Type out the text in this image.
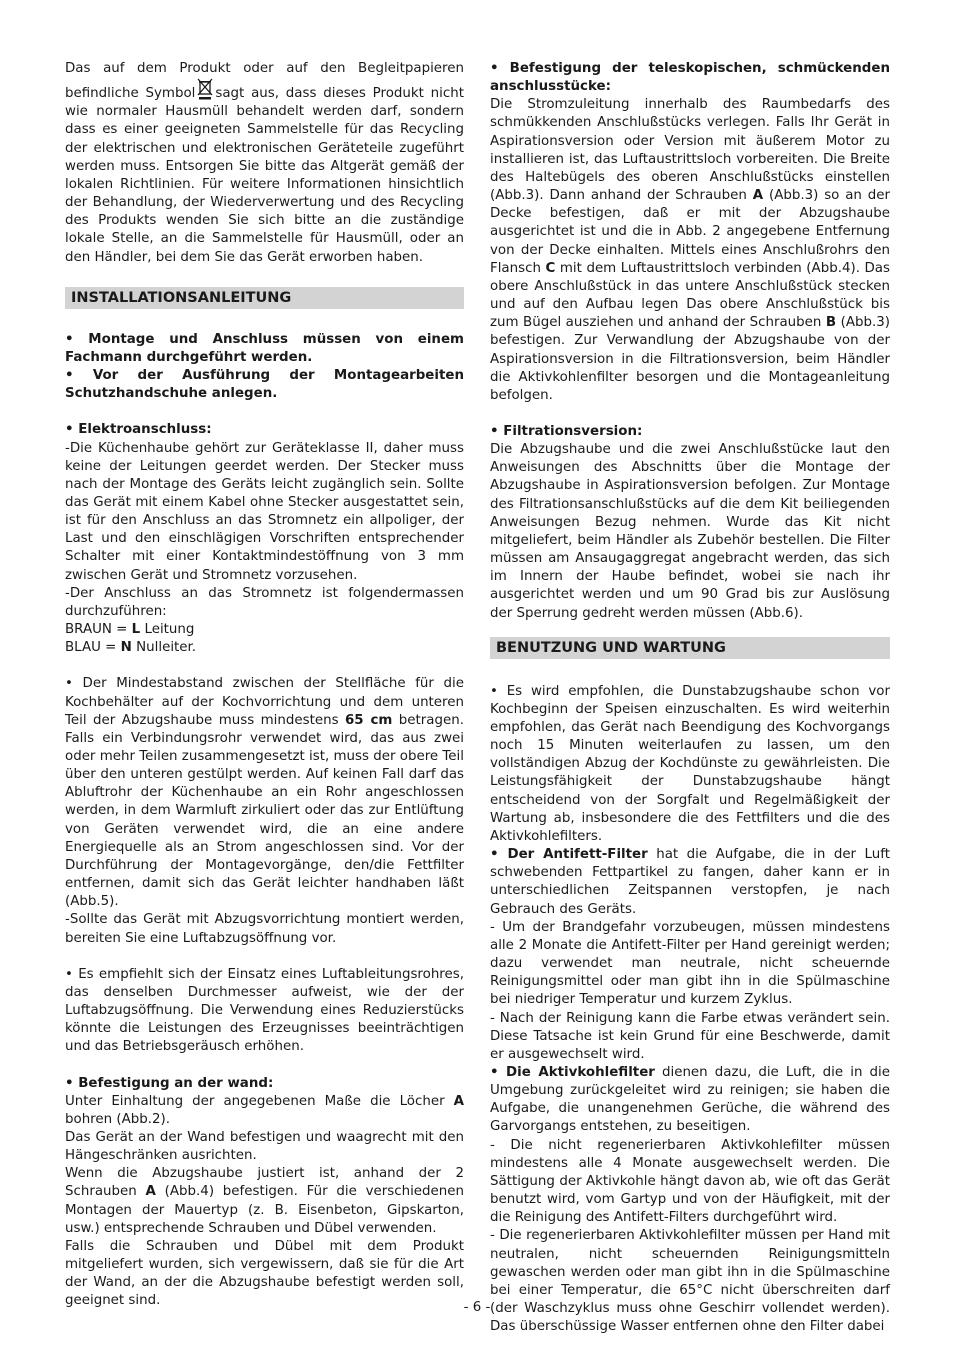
Das auf dem Produkt oder auf den Begleitpapieren befindliche Symbol sagt aus, dass dieses Produkt nicht wie normaler Hausmüll behandelt werden darf, sondern dass es einer geeigneten Sammelstelle für das Recycling der elektrischen und elektronischen Geräteteile zugeführt werden muss. Entsorgen Sie bitte das Altgerät gemäß der lokalen Richtlinien. Für weitere Informationen hinsichtlich der Behandlung, der Wiederverwertung und des Recycling des Produkts wenden Sie sich bitte an die zuständige lokale Stelle, an die Sammelstelle für Hausmüll, oder an den Händler, bei dem Sie das Gerät erworben haben.

INSTALLATIONSANLEITUNG

• Montage und Anschluss müssen von einem Fachmann durchgeführt werden.

• Vor der Ausführung der Montagearbeiten Schutzhandschuhe anlegen.

• Elektroanschluss:

-Die Küchenhaube gehört zur Geräteklasse II, daher muss keine der Leitungen geerdet werden. Der Stecker muss nach der Montage des Geräts leicht zugänglich sein. Sollte das Gerät mit einem Kabel ohne Stecker ausgestattet sein, ist für den Anschluss an das Stromnetz ein allpoliger, der Last und den einschlägigen Vorschriften entsprechender Schalter mit einer Kontaktmindestöffnung von 3 mm zwischen Gerät und Stromnetz vorzusehen.

-Der Anschluss an das Stromnetz ist folgendermassen durchzuführen:

BRAUN = L Leitung

BLAU = N Nulleiter.

• Der Mindestabstand zwischen der Stellfläche für die Kochbehälter auf der Kochvorrichtung und dem unteren Teil der Abzugshaube muss mindestens 65 cm betragen. Falls ein Verbindungsrohr verwendet wird, das aus zwei oder mehr Teilen zusammengesetzt ist, muss der obere Teil über den unteren gestülpt werden. Auf keinen Fall darf das Abluftrohr der Küchenhaube an ein Rohr angeschlossen werden, in dem Warmluft zirkuliert oder das zur Entlüftung von Geräten verwendet wird, die an eine andere Energiequelle als an Strom angeschlossen sind. Vor der Durchführung der Montagevorgänge, den/die Fettfilter entfernen, damit sich das Gerät leichter handhaben läßt (Abb.5).

-Sollte das Gerät mit Abzugsvorrichtung montiert werden, bereiten Sie eine Luftabzugsöffnung vor.

• Es empfiehlt sich der Einsatz eines Luftableitungsrohres, das denselben Durchmesser aufweist, wie der der Luftabzugsöffnung. Die Verwendung eines Reduzierstücks könnte die Leistungen des Erzeugnisses beeinträchtigen und das Betriebsgeräusch erhöhen.

• Befestigung an der wand:

Unter Einhaltung der angegebenen Maße die Löcher A bohren (Abb.2).

Das Gerät an der Wand befestigen und waagrecht mit den Hängeschränken ausrichten.

Wenn die Abzugshaube justiert ist, anhand der 2 Schrauben A (Abb.4) befestigen. Für die verschiedenen Montagen der Mauertyp (z. B. Eisenbeton, Gipskarton, usw.) entsprechende Schrauben und Dübel verwenden.

Falls die Schrauben und Dübel mit dem Produkt mitgeliefert wurden, sich vergewissern, daß sie für die Art der Wand, an der die Abzugshaube befestigt werden soll, geeignet sind.

• Befestigung der teleskopischen, schmückenden anschlusstücke:

Die Stromzuleitung innerhalb des Raumbedarfs des schmükkenden Anschlußstücks verlegen. Falls Ihr Gerät in Aspirationsversion oder Version mit äußerem Motor zu installieren ist, das Luftaustrittsloch vorbereiten. Die Breite des Haltebügels des oberen Anschlußstücks einstellen (Abb.3). Dann anhand der Schrauben A (Abb.3) so an der Decke befestigen, daß er mit der Abzugshaube ausgerichtet ist und die in Abb. 2 angegebene Entfernung von der Decke einhalten. Mittels eines Anschlußrohrs den Flansch C mit dem Luftaustrittsloch verbinden (Abb.4). Das obere Anschlußstück in das untere Anschlußstück stecken und auf den Aufbau legen Das obere Anschlußstück bis zum Bügel ausziehen und anhand der Schrauben B (Abb.3) befestigen. Zur Verwandlung der Abzugshaube von der Aspirationsversion in die Filtrationsversion, beim Händler die Aktivkohlenfilter besorgen und die Montageanleitung befolgen.

• Filtrationsversion:

Die Abzugshaube und die zwei Anschlußstücke laut den Anweisungen des Abschnitts über die Montage der Abzugshaube in Aspirationsversion befolgen. Zur Montage des Filtrationsanschlußstücks auf die dem Kit beiliegenden Anweisungen Bezug nehmen. Wurde das Kit nicht mitgeliefert, beim Händler als Zubehör bestellen. Die Filter müssen am Ansaugaggregat angebracht werden, das sich im Innern der Haube befindet, wobei sie nach ihr ausgerichtet werden und um 90 Grad bis zur Auslösung der Sperrung gedreht werden müssen (Abb.6).

BENUTZUNG UND WARTUNG

• Es wird empfohlen, die Dunstabzugshaube schon vor Kochbeginn der Speisen einzuschalten. Es wird weiterhin empfohlen, das Gerät nach Beendigung des Kochvorgangs noch 15 Minuten weiterlaufen zu lassen, um den vollständigen Abzug der Kochdünste zu gewährleisten. Die Leistungsfähigkeit der Dunstabzugshaube hängt entscheidend von der Sorgfalt und Regelmäßigkeit der Wartung ab, insbesondere die des Fettfilters und die des Aktivkohlefilters.

• Der Antifett-Filter hat die Aufgabe, die in der Luft schwebenden Fettpartikel zu fangen, daher kann er in unterschiedlichen Zeitspannen verstopfen, je nach Gebrauch des Geräts.

- Um der Brandgefahr vorzubeugen, müssen mindestens alle 2 Monate die Antifett-Filter per Hand gereinigt werden; dazu verwendet man neutrale, nicht scheuernde Reinigungsmittel oder man gibt ihn in die Spülmaschine bei niedriger Temperatur und kurzem Zyklus.

- Nach der Reinigung kann die Farbe etwas verändert sein. Diese Tatsache ist kein Grund für eine Beschwerde, damit er ausgewechselt wird.

• Die Aktivkohlefilter dienen dazu, die Luft, die in die Umgebung zurückgeleitet wird zu reinigen; sie haben die Aufgabe, die unangenehmen Gerüche, die während des Garvorgangs entstehen, zu beseitigen.

- Die nicht regenerierbaren Aktivkohlefilter müssen mindestens alle 4 Monate ausgewechselt werden. Die Sättigung der Aktivkohle hängt davon ab, wie oft das Gerät benutzt wird, vom Gartyp und von der Häufigkeit, mit der die Reinigung des Antifett-Filters durchgeführt wird.

- Die regenerierbaren Aktivkohlefilter müssen per Hand mit neutralen, nicht scheuernden Reinigungsmitteln gewaschen werden oder man gibt ihn in die Spülmaschine bei einer Temperatur, die 65°C nicht überschreiten darf (der Waschzyklus muss ohne Geschirr vollendet werden). Das überschüssige Wasser entfernen ohne den Filter dabei

- 6 -
